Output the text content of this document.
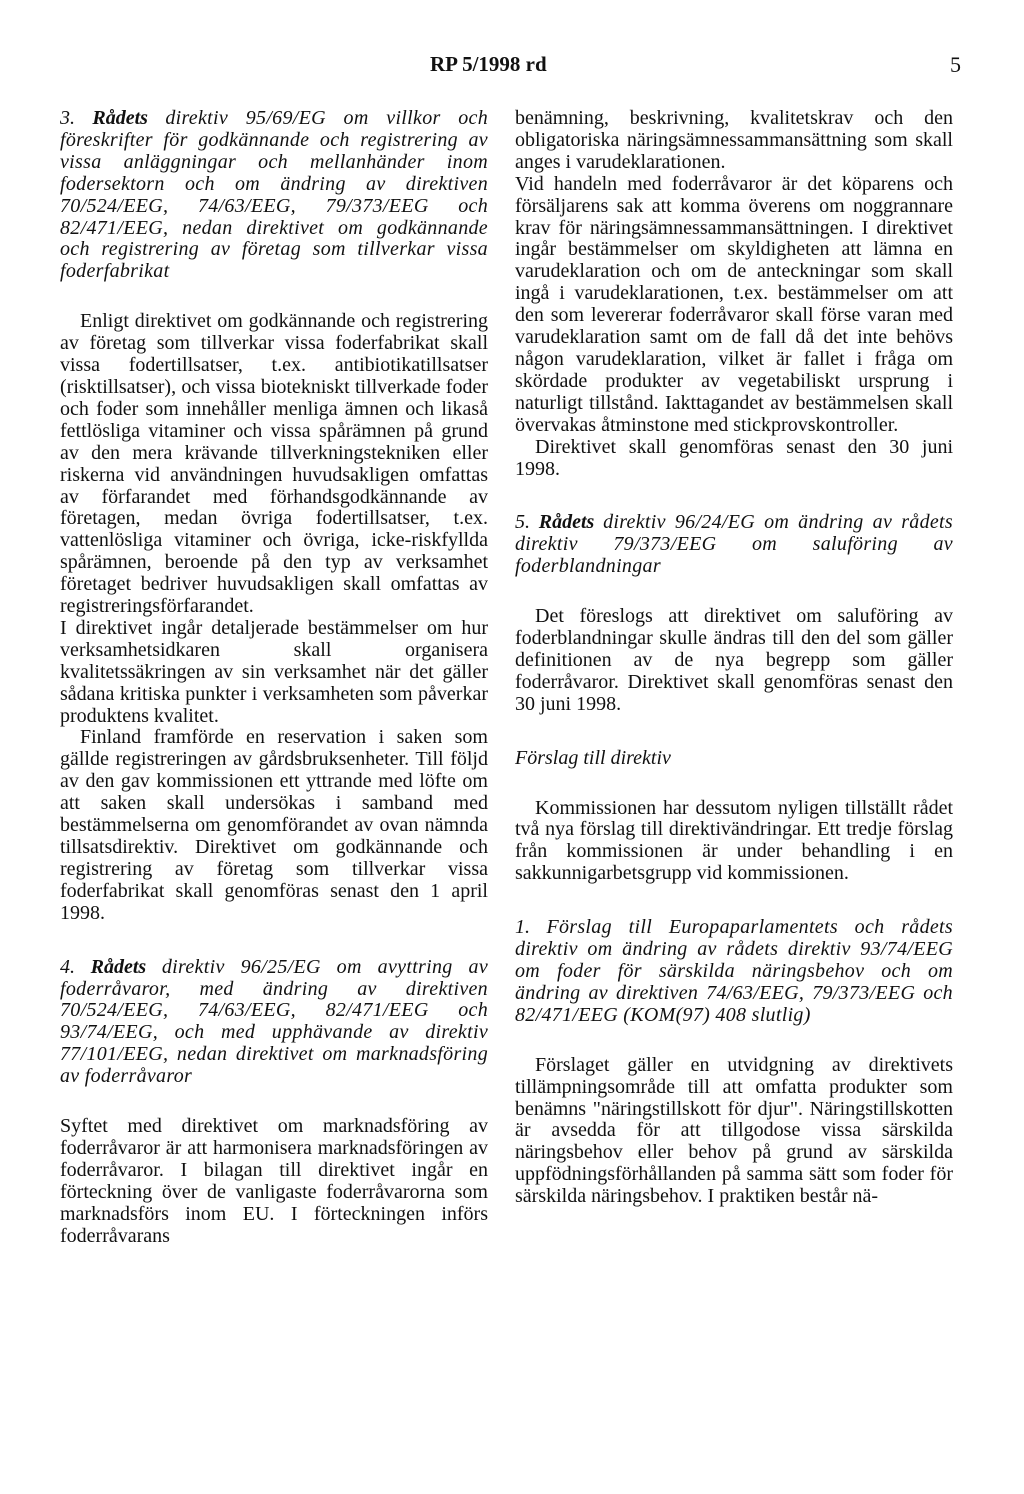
RP 5/1998 rd	5

3. Rådets direktiv 95/69/EG om villkor och föreskrifter för godkännande och registrering av vissa anläggningar och mellanhänder inom fodersektorn och om ändring av direktiven 70/524/EEG, 74/63/EEG, 79/373/EEG och 82/471/EEG, nedan direktivet om godkännande och registrering av företag som tillverkar vissa foderfabrikat

Enligt direktivet om godkännande och registrering av företag som tillverkar vissa foderfabrikat skall vissa fodertillsatser, t.ex. antibiotikatillsatser (risktillsatser), och vissa biotekniskt tillverkade foder och foder som innehåller menliga ämnen och likaså fettlösliga vitaminer och vissa spårämnen på grund av den mera krävande tillverkningstekniken eller riskerna vid användningen huvudsakligen omfattas av förfarandet med förhandsgodkännande av företagen, medan övriga fodertillsatser, t.ex. vattenlösliga vitaminer och övriga, icke-riskfyllda spårämnen, beroende på den typ av verksamhet företaget bedriver huvudsakligen skall omfattas av registreringsförfarandet.

I direktivet ingår detaljerade bestämmelser om hur verksamhetsidkaren skall organisera kvalitetssäkringen av sin verksamhet när det gäller sådana kritiska punkter i verksamheten som påverkar produktens kvalitet.

Finland framförde en reservation i saken som gällde registreringen av gårdsbruksenheter. Till följd av den gav kommissionen ett yttrande med löfte om att saken skall undersökas i samband med bestämmelserna om genomförandet av ovan nämnda tillsatsdirektiv. Direktivet om godkännande och registrering av företag som tillverkar vissa foderfabrikat skall genomföras senast den 1 april 1998.

4. Rådets direktiv 96/25/EG om avyttring av foderråvaror, med ändring av direktiven 70/524/EEG, 74/63/EEG, 82/471/EEG och 93/74/EEG, och med upphävande av direktiv 77/101/EEG, nedan direktivet om marknadsföring av foderråvaror

Syftet med direktivet om marknadsföring av foderråvaror är att harmonisera marknadsföringen av foderråvaror. I bilagan till direktivet ingår en förteckning över de vanligaste foderråvarorna som marknadsförs inom EU. I förteckningen införs foderråvarans

benämning, beskrivning, kvalitetskrav och den obligatoriska näringsämnessammansättning som skall anges i varudeklarationen.

Vid handeln med foderråvaror är det köparens och försäljarens sak att komma överens om noggrannare krav för näringsämnessammansättningen. I direktivet ingår bestämmelser om skyldigheten att lämna en varudeklaration och om de anteckningar som skall ingå i varudeklarationen, t.ex. bestämmelser om att den som levererar foderråvaror skall förse varan med varudeklaration samt om de fall då det inte behövs någon varudeklaration, vilket är fallet i fråga om skördade produkter av vegetabiliskt ursprung i naturligt tillstånd. Iakttagandet av bestämmelsen skall övervakas åtminstone med stickprovskontroller.

Direktivet skall genomföras senast den 30 juni 1998.

5. Rådets direktiv 96/24/EG om ändring av rådets direktiv 79/373/EEG om saluföring av foderblandningar

Det föreslogs att direktivet om saluföring av foderblandningar skulle ändras till den del som gäller definitionen av de nya begrepp som gäller foderråvaror. Direktivet skall genomföras senast den 30 juni 1998.

Förslag till direktiv

Kommissionen har dessutom nyligen tillställt rådet två nya förslag till direktivändringar. Ett tredje förslag från kommissionen är under behandling i en sakkunnigarbetsgrupp vid kommissionen.

1. Förslag till Europaparlamentets och rådets direktiv om ändring av rådets direktiv 93/74/EEG om foder för särskilda näringsbehov och om ändring av direktiven 74/63/EEG, 79/373/EEG och 82/471/EEG (KOM(97) 408 slutlig)

Förslaget gäller en utvidgning av direktivets tillämpningsområde till att omfatta produkter som benämns "näringstillskott för djur". Näringstillskotten är avsedda för att tillgodose vissa särskilda näringsbehov eller behov på grund av särskilda uppfödningsförhållanden på samma sätt som foder för särskilda näringsbehov. I praktiken består nä-
